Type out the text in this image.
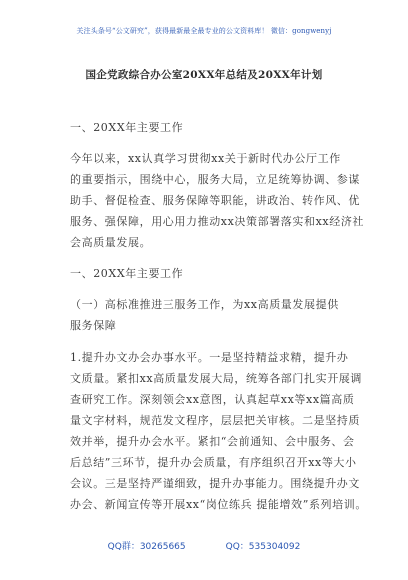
关注头条号“公文研究”，获得最新最全最专业的公文资料库！ 微信：gongwenyj
国企党政综合办公室20XX年总结及20XX年计划
一、20XX年主要工作
今年以来，xx认真学习贯彻xx关于新时代办公厅工作
的重要指示，围绕中心，服务大局，立足统筹协调、参谋
助手、督促检查、服务保障等职能，讲政治、转作风、优
服务、强保障，用心用力推动xx决策部署落实和xx经济社
会高质量发展。
一、20XX年主要工作
（一）高标准推进三服务工作，为xx高质量发展提供
服务保障
1.提升办文办会办事水平。一是坚持精益求精，提升办
文质量。紧扣xx高质量发展大局，统筹各部门扎实开展调
查研究工作。深刻领会xx意图，认真起草xx等xx篇高质
量文字材料，规范发文程序，层层把关审核。二是坚持质
效并举，提升办会水平。紧扣“会前通知、会中服务、会
后总结”三环节，提升办会质量，有序组织召开xx等大小
会议。三是坚持严谨细致，提升办事能力。围绕提升办文
办会、新闻宣传等开展xx“岗位练兵 提能增效”系列培训。
QQ群：30265665	QQ：535304092
